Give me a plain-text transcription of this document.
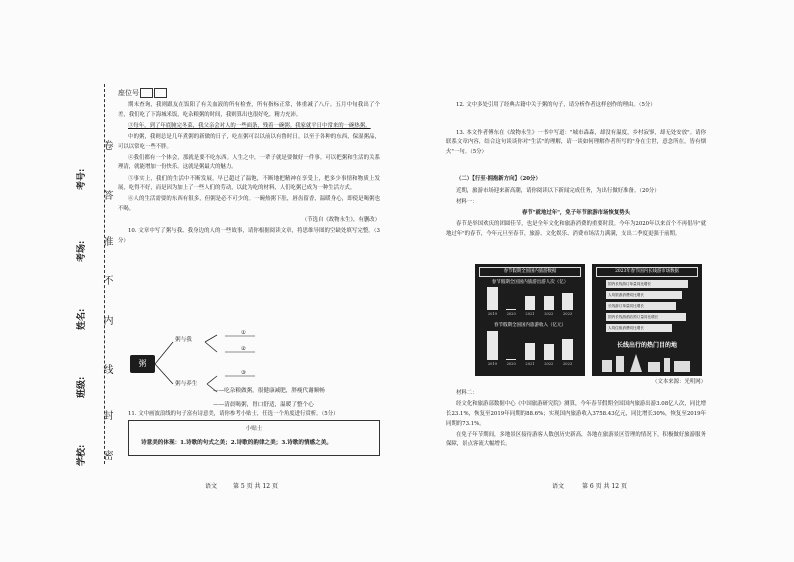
考号:
考场:
姓名:
班级:
学校:
卷
答
准
不
内
线
封
密
座位号

期末查询，我则跟友在饭阳了有关血液的所有检查，所有指标正常，体重减了八斤。五月中旬我出了个差，我们吃了下海城米饭，吃杂粮粥的时间，我则算出也很好吃，精力充沛。

③每年，到了年底腌完冬菜，我父亲会对人的一些面条，残着一碗粥。我家就平日中常来的一碗热粥。

中的粥，我则总是几年煮粥的新做的日子，吃在粥可以以前以有鲁时日。以至于各种的东西，保湿粥品，可以以常吃一些不胖。

④我们都有一个体会，那就是要不吃东西。人生之中，一辈子就是要做好一件事。可以把粥和生活的关系理清，就能增加一份快乐。这就是粥最大的魅力。

⑤事实上，我们的生活中不断发展，早已超过了温饱，不断地把精神在享受上，把多少事情和物质上发展，吃得不好，而是因为加上了一些人们的劳动，以此为吃的材料，人们吃粥已成为一种生活方式。

⑥人的生活需要的东西有很多，但粥是必不可少的。一碗热粥下肚，唇齿留香，温暖身心，即使是喝粥也不喝。

（节选自《故物永生》，有删改）

10. 文章中写了粥与我、我身边的人的一些故事，请你根据阅读文章，将思维导图的空缺处填写完整。（3分）

粥
粥与我
①
②
粥与养生
③
——吃杂粮做粥，很健康减肥，胖瘦代谢顺畅
——清晨喝粥，胃口舒适，温暖了整个心

11. 文中画波浪线的句子富有诗意美，请你参考小贴士，任选一个角度进行赏析。（5分）

小贴士
诗意美的体现：1.诗歌的句式之美；2.诗歌的韵律之美；3.诗歌的情感之美。
语文	第 5 页 共 12 页

12. 文中多处引用了经典古籍中关于粥的句子，请分析作者这样创作的理由。（5分）

13. 本文作者傅东在《故物永生》一书中写道："城市森森，却没有温度，乡村寂寥，却无处安放"。请你联系文章内容，结合这句谈谈你对"生活"的理解，请一谈如何理解作者所写的"身在尘世，意念所在，皆有烟火"一句。（5分）

（二）【行至·拥抱新方向】（20分）

近期，旅游市场迎来新高潮，请你阅读以下新闻完成任务，为出行做好准备。（20分）

材料一：

春节"就地过年"，免子年节旅游市场恢复势头

春节是举国欢庆的团圆佳节，也是全年文化和旅游消费的重要时段。今年为2020年以来首个不再倡导"就地过年"的春节，今年元旦至春节，旅游、文化娱乐、消费市场活力满满，支出二季度更强于前期。

春节假期全国国内旅游数据
春节假期全国国内旅游出游人次（亿）
2019	2020	2021	2022	2023
春节假期全国国内旅游收入（亿元）
2019	2020	2021	2022	2023
2023年春节国内长线游市场数据
国内长线游订单量同比增长
人均旅游消费同比增长
长线游订单量同比增长
国内长线游酒店预订量同比增长
人均住宿消费同比增长
长线出行的热门目的地

（文本来源：光明网）

材料二：

经文化和旅游部数据中心《中国旅游研究院》测算，今年春节假期全国国内旅游出游3.08亿人次，同比增长23.1%，恢复至2019年同期的88.6%；实现国内旅游收入3758.43亿元，同比增长30%，恢复至2019年同期的73.1%。

在免子年节期间，多地景区接待游客人数创历史新高，各地在旅游景区管理的情况下，积极做好旅游服务保障，景点客流大幅增长。

语文	第 6 页 共 12 页
